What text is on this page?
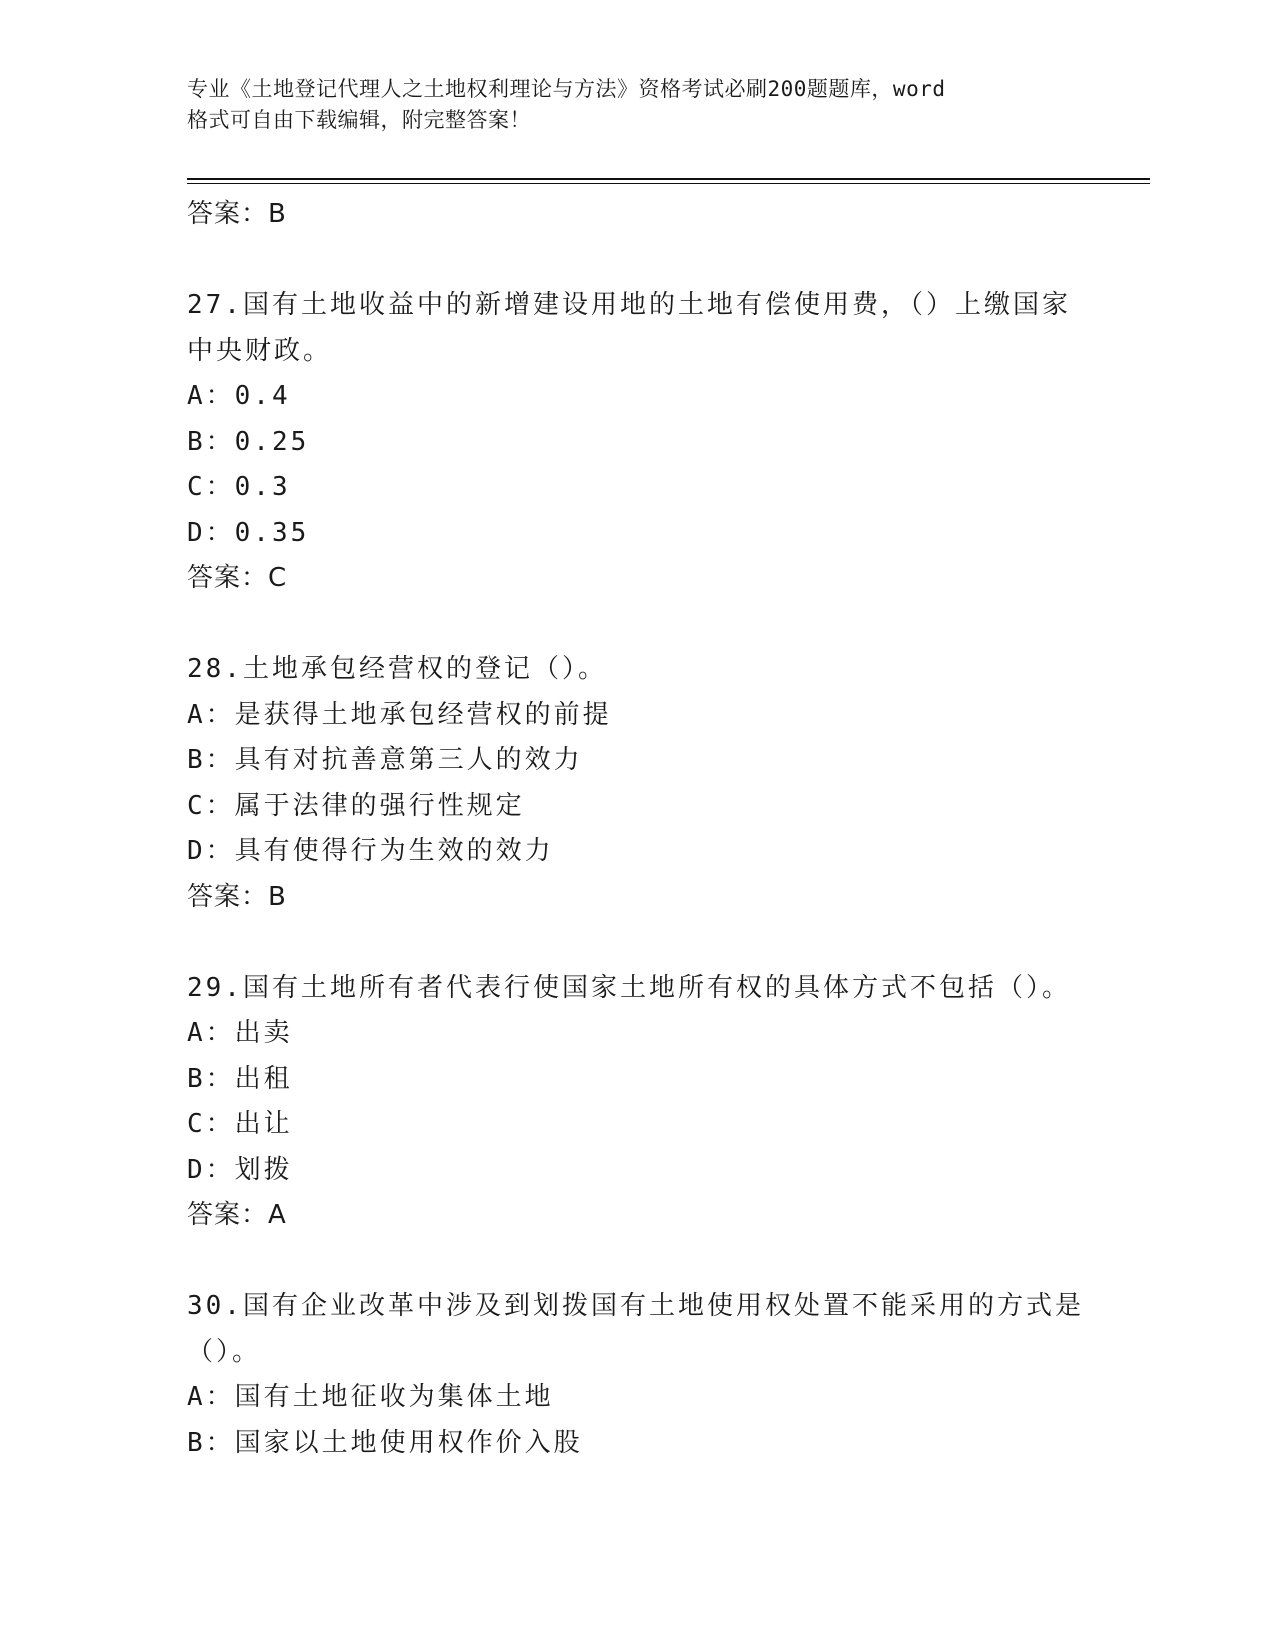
专业《土地登记代理人之土地权利理论与方法》资格考试必刷200题题库，word
格式可自由下载编辑，附完整答案！
答案：B
27.国有土地收益中的新增建设用地的土地有偿使用费，（）上缴国家
中央财政。
A：0.4
B：0.25
C：0.3
D：0.35
答案：C
28.土地承包经营权的登记（）。
A：是获得土地承包经营权的前提
B：具有对抗善意第三人的效力
C：属于法律的强行性规定
D：具有使得行为生效的效力
答案：B
29.国有土地所有者代表行使国家土地所有权的具体方式不包括（）。
A：出卖
B：出租
C：出让
D：划拨
答案：A
30.国有企业改革中涉及到划拨国有土地使用权处置不能采用的方式是
（）。
A：国有土地征收为集体土地
B：国家以土地使用权作价入股
